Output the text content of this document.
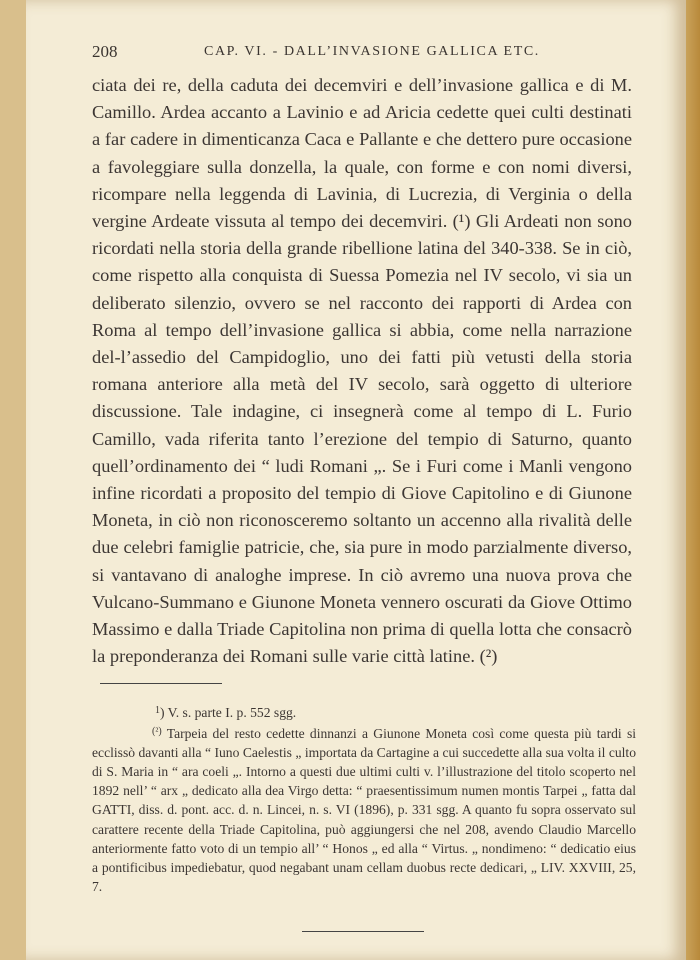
208	CAP. VI. - DALL’INVASIONE GALLICA ETC.

ciata dei re, della caduta dei decemviri e dell’invasione gallica e di M. Camillo. Ardea accanto a Lavinio e ad Aricia cedette quei culti destinati a far cadere in dimenticanza Caca e Pallante e che dettero pure occasione a favoleggiare sulla donzella, la quale, con forme e con nomi diversi, ricompare nella leggenda di Lavinia, di Lucrezia, di Verginia o della vergine Ardeate vissuta al tempo dei decemviri. (¹) Gli Ardeati non sono ricordati nella storia della grande ribellione latina del 340-338. Se in ciò, come rispetto alla conquista di Suessa Pomezia nel IV secolo, vi sia un deliberato silenzio, ovvero se nel racconto dei rapporti di Ardea con Roma al tempo dell’invasione gallica si abbia, come nella narrazione del-l’assedio del Campidoglio, uno dei fatti più vetusti della storia romana anteriore alla metà del IV secolo, sarà oggetto di ulteriore discussione. Tale indagine, ci insegnerà come al tempo di L. Furio Camillo, vada riferita tanto l’erezione del tempio di Saturno, quanto quell’ordinamento dei “ ludi Romani „. Se i Furi come i Manli vengono infine ricordati a proposito del tempio di Giove Capitolino e di Giunone Moneta, in ciò non riconosceremo soltanto un accenno alla rivalità delle due celebri famiglie patricie, che, sia pure in modo parzialmente diverso, si vantavano di analoghe imprese. In ciò avremo una nuova prova che Vulcano-Summano e Giunone Moneta vennero oscurati da Giove Ottimo Massimo e dalla Triade Capitolina non prima di quella lotta che consacrò la preponderanza dei Romani sulle varie città latine. (²)

$^1$) V. s. parte I. p. 552 sgg.

$^{(^2)}$ Tarpeia del resto cedette dinnanzi a Giunone Moneta così come questa più tardi si ecclissò davanti alla “ Iuno Caelestis „ importata da Cartagine a cui succedette alla sua volta il culto di S. Maria in “ ara coeli „. Intorno a questi due ultimi culti v. l’illustrazione del titolo scoperto nel 1892 nell’ “ arx „ dedicato alla dea Virgo detta: “ praesentissimum numen montis Tarpei „ fatta dal GATTI, diss. d. pont. acc. d. n. Lincei, n. s. VI (1896), p. 331 sgg. A quanto fu sopra osservato sul carattere recente della Triade Capitolina, può aggiungersi che nel 208, avendo Claudio Marcello anteriormente fatto voto di un tempio all’ “ Honos „ ed alla “ Virtus. „ nondimeno: “ dedicatio eius a pontificibus impediebatur, quod negabant unam cellam duobus recte dedicari, „ LIV. XXVIII, 25, 7.
